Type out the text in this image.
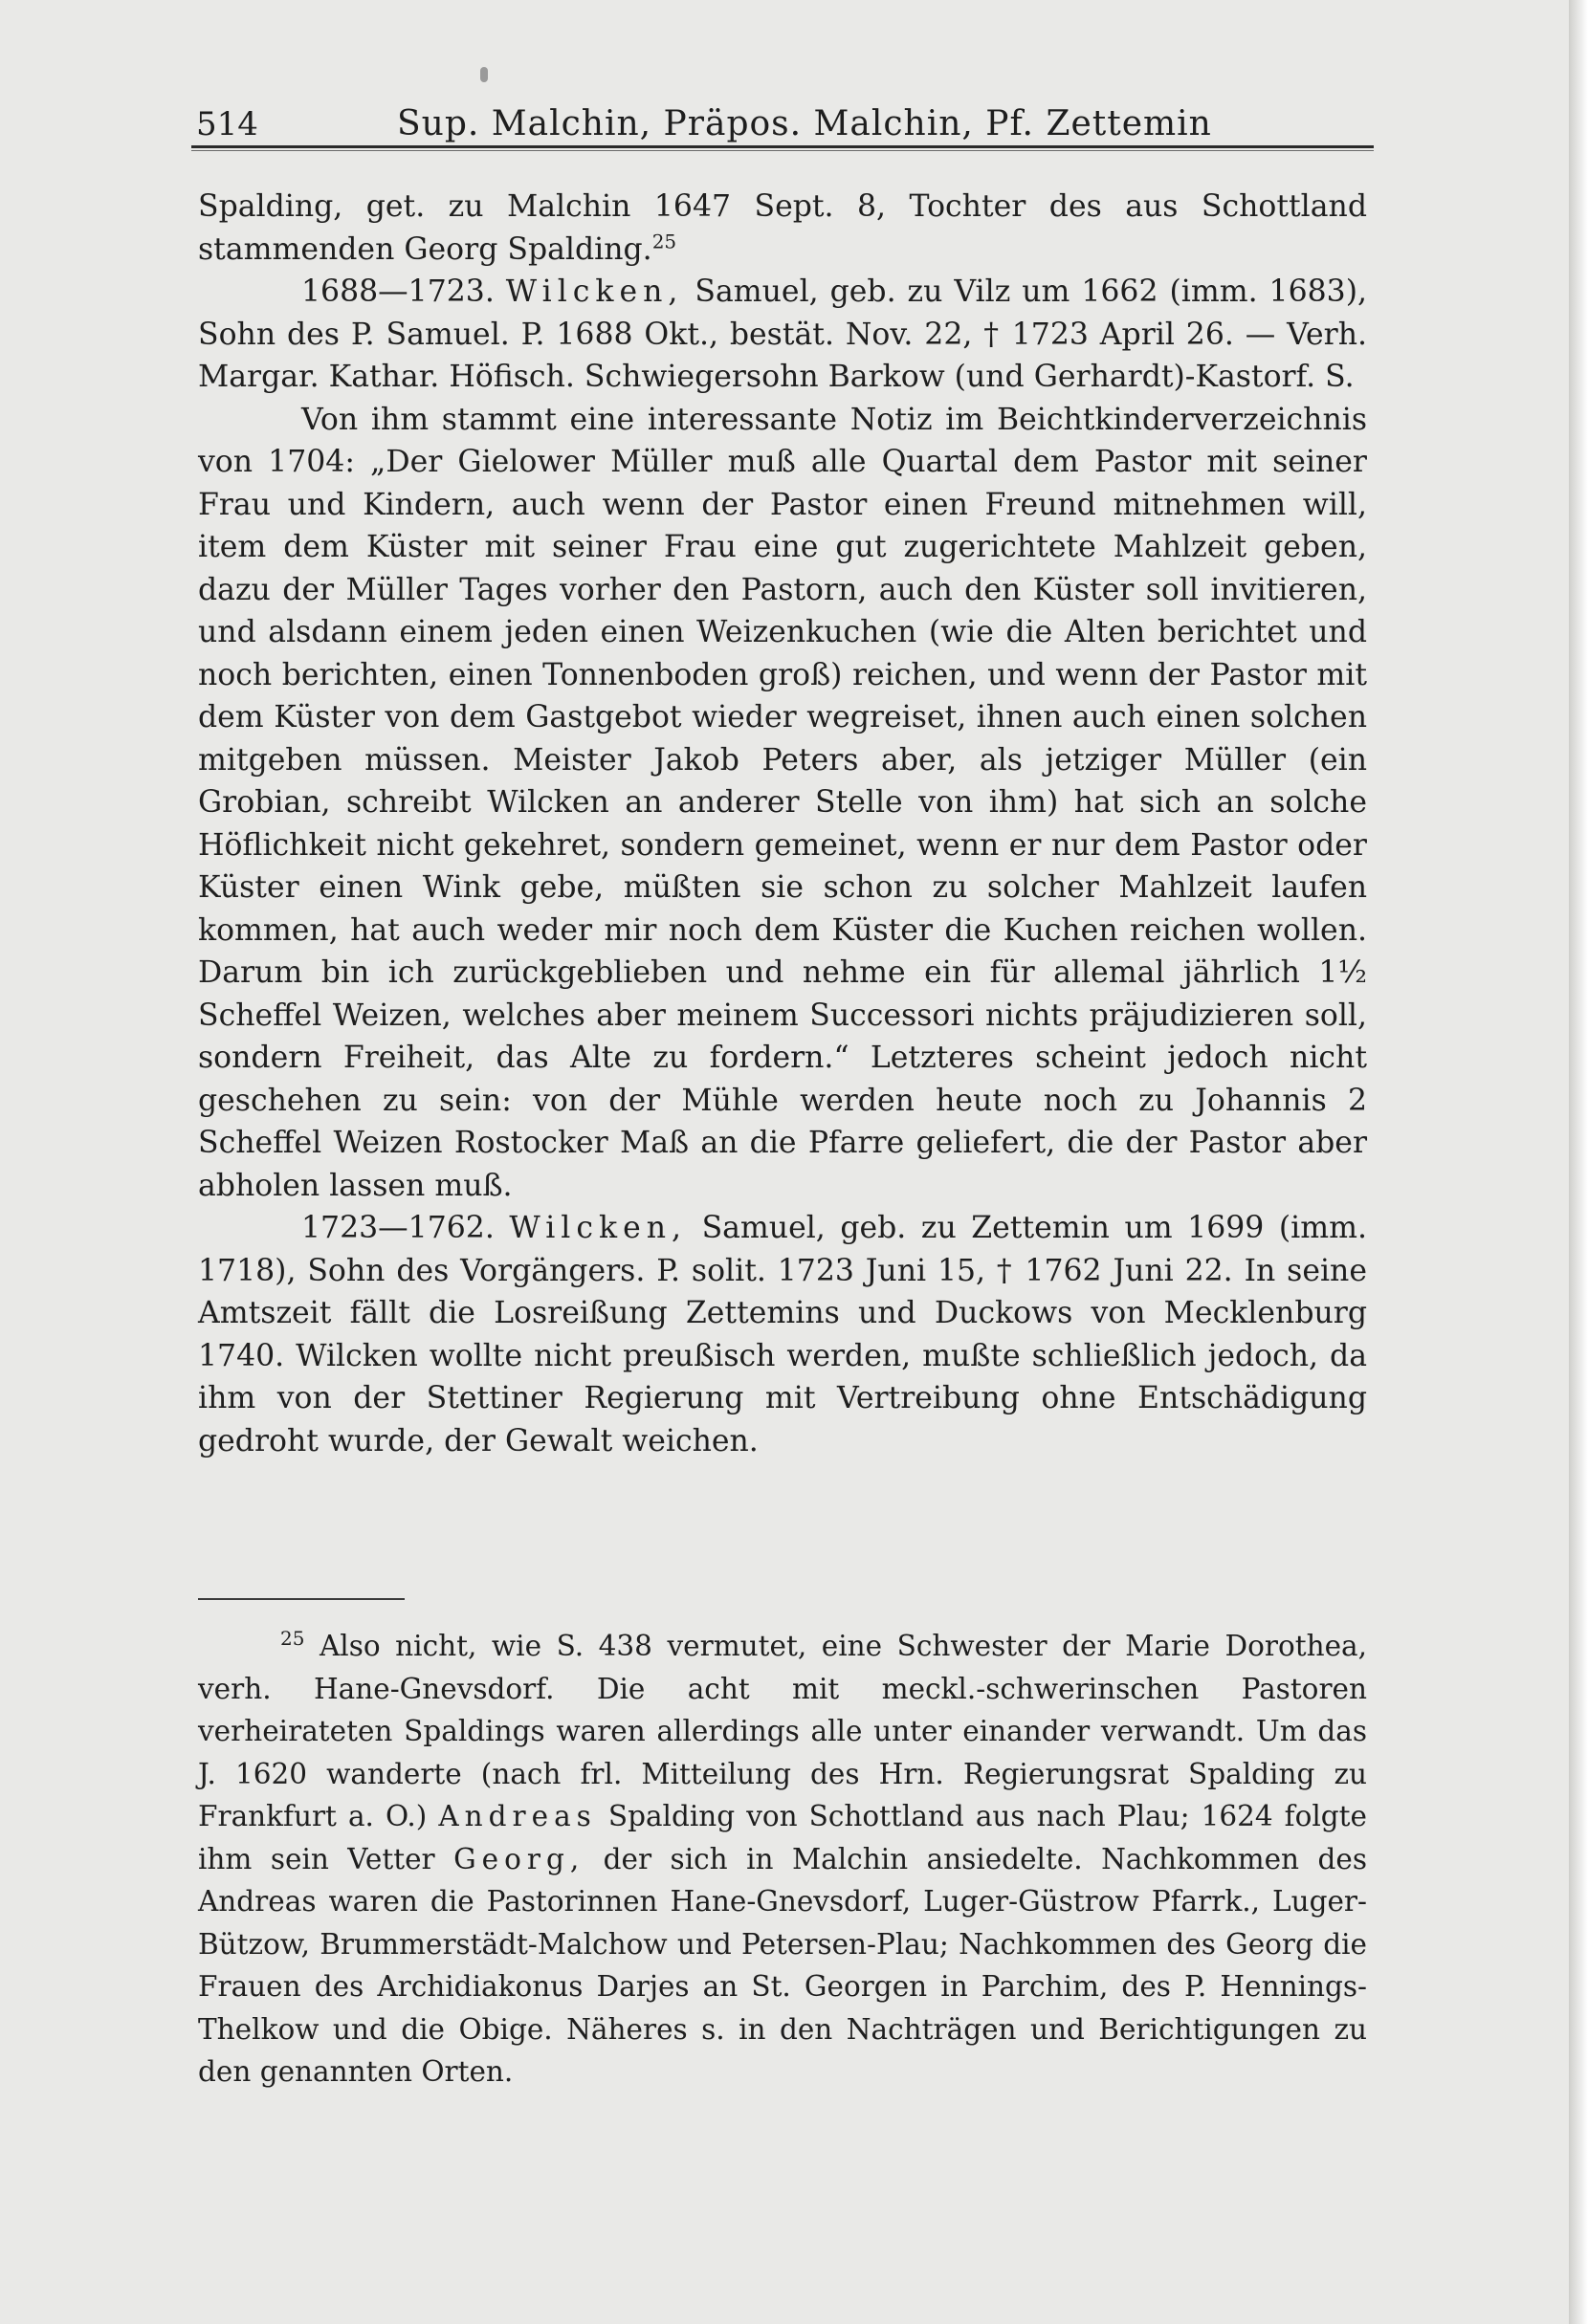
514	Sup. Malchin, Präpos. Malchin, Pf. Zettemin

Spalding, get. zu Malchin 1647 Sept. 8, Tochter des aus Schottland stammenden Georg Spalding.$^{25}$

1688—1723. Wilcken, Samuel, geb. zu Vilz um 1662 (imm. 1683), Sohn des P. Samuel. P. 1688 Okt., bestät. Nov. 22, † 1723 April 26. — Verh. Margar. Kathar. Höfisch. Schwiegersohn Barkow (und Gerhardt)-Kastorf. S.

Von ihm stammt eine interessante Notiz im Beichtkinderverzeichnis von 1704: „Der Gielower Müller muß alle Quartal dem Pastor mit seiner Frau und Kindern, auch wenn der Pastor einen Freund mitnehmen will, item dem Küster mit seiner Frau eine gut zugerichtete Mahlzeit geben, dazu der Müller Tages vorher den Pastorn, auch den Küster soll invitieren, und alsdann einem jeden einen Weizenkuchen (wie die Alten berichtet und noch berichten, einen Tonnenboden groß) reichen, und wenn der Pastor mit dem Küster von dem Gastgebot wieder wegreiset, ihnen auch einen solchen mitgeben müssen. Meister Jakob Peters aber, als jetziger Müller (ein Grobian, schreibt Wilcken an anderer Stelle von ihm) hat sich an solche Höflichkeit nicht gekehret, sondern gemeinet, wenn er nur dem Pastor oder Küster einen Wink gebe, müßten sie schon zu solcher Mahlzeit laufen kommen, hat auch weder mir noch dem Küster die Kuchen reichen wollen. Darum bin ich zurückgeblieben und nehme ein für allemal jährlich 1½ Scheffel Weizen, welches aber meinem Successori nichts präjudizieren soll, sondern Freiheit, das Alte zu fordern.“ Letzteres scheint jedoch nicht geschehen zu sein: von der Mühle werden heute noch zu Johannis 2 Scheffel Weizen Rostocker Maß an die Pfarre geliefert, die der Pastor aber abholen lassen muß.

1723—1762. Wilcken, Samuel, geb. zu Zettemin um 1699 (imm. 1718), Sohn des Vorgängers. P. solit. 1723 Juni 15, † 1762 Juni 22. In seine Amtszeit fällt die Losreißung Zettemins und Duckows von Mecklenburg 1740. Wilcken wollte nicht preußisch werden, mußte schließlich jedoch, da ihm von der Stettiner Regierung mit Vertreibung ohne Entschädigung gedroht wurde, der Gewalt weichen.

$^{25}$ Also nicht, wie S. 438 vermutet, eine Schwester der Marie Dorothea, verh. Hane-Gnevsdorf. Die acht mit meckl.-schwerinschen Pastoren verheirateten Spaldings waren allerdings alle unter einander verwandt. Um das J. 1620 wanderte (nach frl. Mitteilung des Hrn. Regierungsrat Spalding zu Frankfurt a. O.) Andreas Spalding von Schottland aus nach Plau; 1624 folgte ihm sein Vetter Georg, der sich in Malchin ansiedelte. Nachkommen des Andreas waren die Pastorinnen Hane-Gnevsdorf, Luger-Güstrow Pfarrk., Luger-Bützow, Brummerstädt-Malchow und Petersen-Plau; Nachkommen des Georg die Frauen des Archidiakonus Darjes an St. Georgen in Parchim, des P. Hennings-Thelkow und die Obige. Näheres s. in den Nachträgen und Berichtigungen zu den genannten Orten.
